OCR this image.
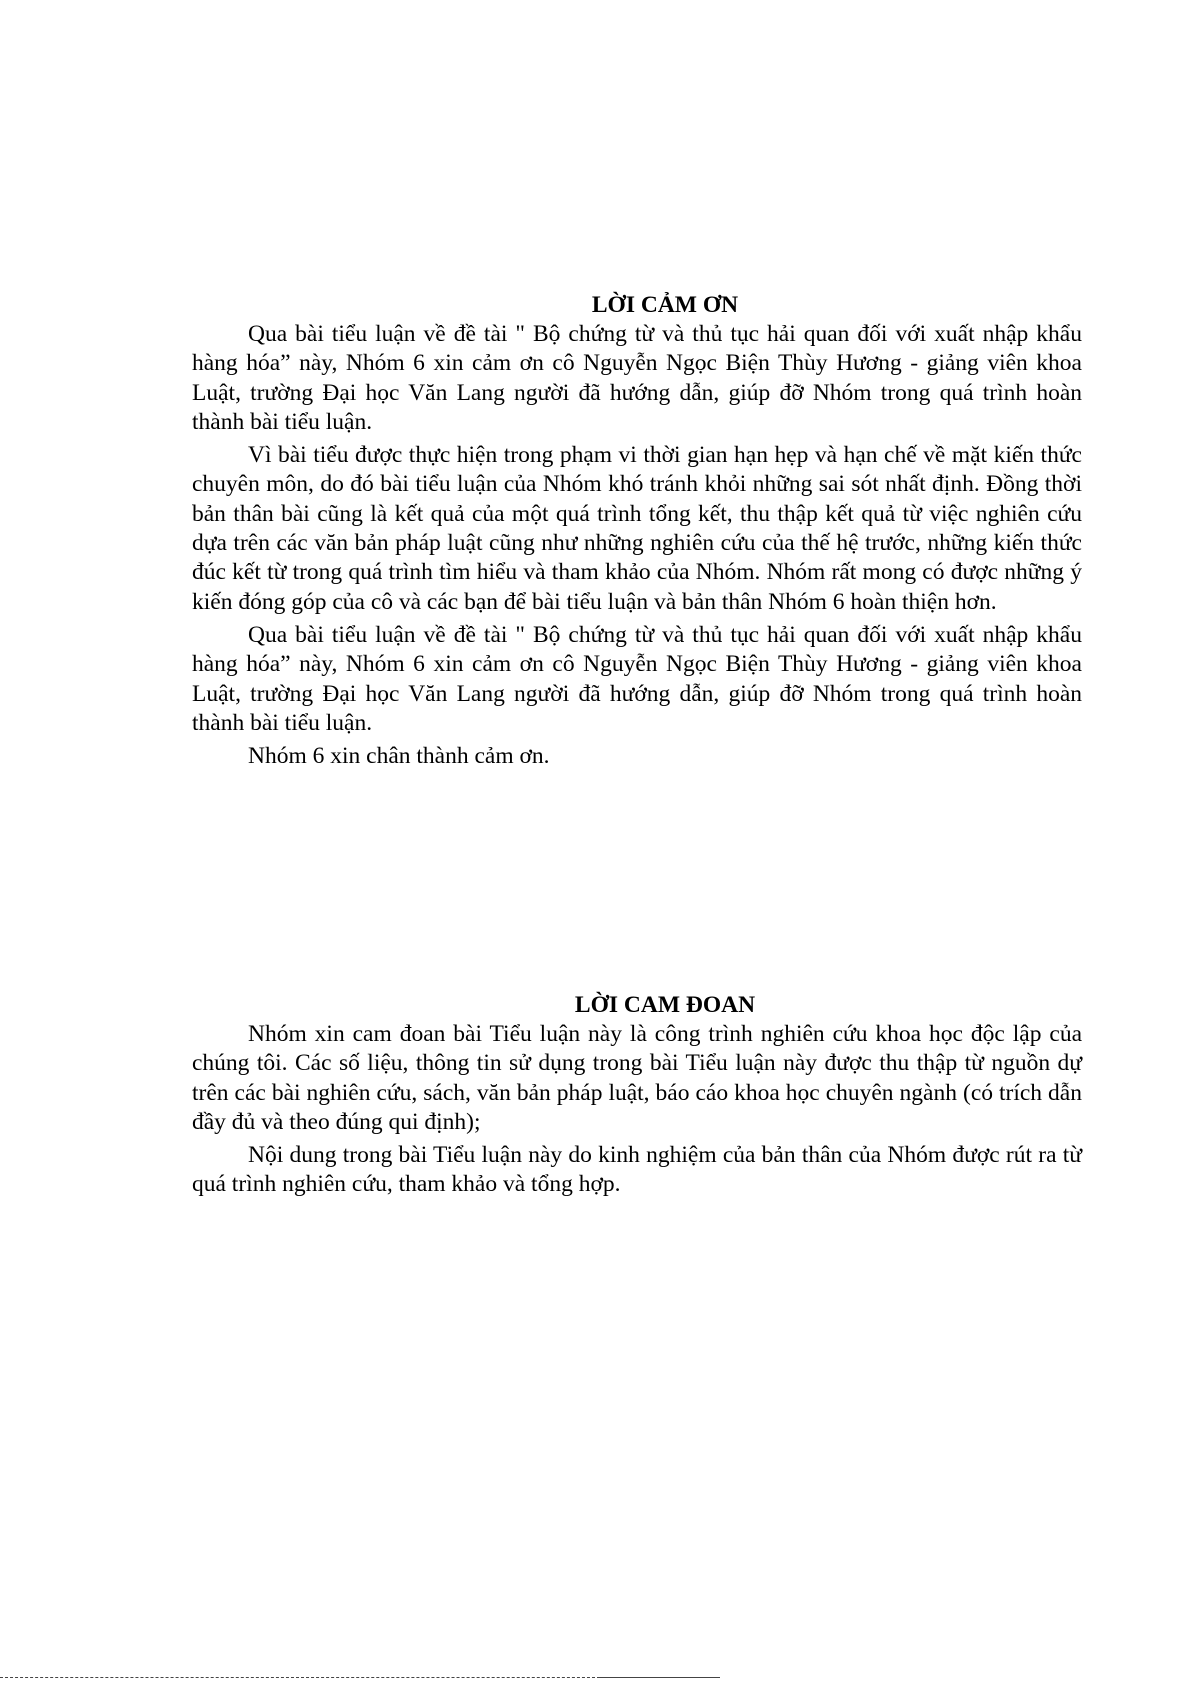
LỜI CẢM ƠN

Qua bài tiểu luận về đề tài " Bộ chứng từ và thủ tục hải quan đối với xuất nhập khẩu hàng hóa” này, Nhóm 6 xin cảm ơn cô Nguyễn Ngọc Biện Thùy Hương - giảng viên khoa Luật, trường Đại học Văn Lang người đã hướng dẫn, giúp đỡ Nhóm trong quá trình hoàn thành bài tiểu luận.

Vì bài tiểu được thực hiện trong phạm vi thời gian hạn hẹp và hạn chế về mặt kiến thức chuyên môn, do đó bài tiểu luận của Nhóm khó tránh khỏi những sai sót nhất định. Đồng thời bản thân bài cũng là kết quả của một quá trình tổng kết, thu thập kết quả từ việc nghiên cứu dựa trên các văn bản pháp luật cũng như những nghiên cứu của thế hệ trước, những kiến thức đúc kết từ trong quá trình tìm hiểu và tham khảo của Nhóm. Nhóm rất mong có được những ý kiến đóng góp của cô và các bạn để bài tiểu luận và bản thân Nhóm 6 hoàn thiện hơn.

Qua bài tiểu luận về đề tài " Bộ chứng từ và thủ tục hải quan đối với xuất nhập khẩu hàng hóa” này, Nhóm 6 xin cảm ơn cô Nguyễn Ngọc Biện Thùy Hương - giảng viên khoa Luật, trường Đại học Văn Lang người đã hướng dẫn, giúp đỡ Nhóm trong quá trình hoàn thành bài tiểu luận.

Nhóm 6 xin chân thành cảm ơn.

LỜI CAM ĐOAN

Nhóm xin cam đoan bài Tiểu luận này là công trình nghiên cứu khoa học độc lập của chúng tôi. Các số liệu, thông tin sử dụng trong bài Tiểu luận này được thu thập từ nguồn dự trên các bài nghiên cứu, sách, văn bản pháp luật, báo cáo khoa học chuyên ngành (có trích dẫn đầy đủ và theo đúng qui định);

Nội dung trong bài Tiểu luận này do kinh nghiệm của bản thân của Nhóm được rút ra từ quá trình nghiên cứu, tham khảo và tổng hợp.
